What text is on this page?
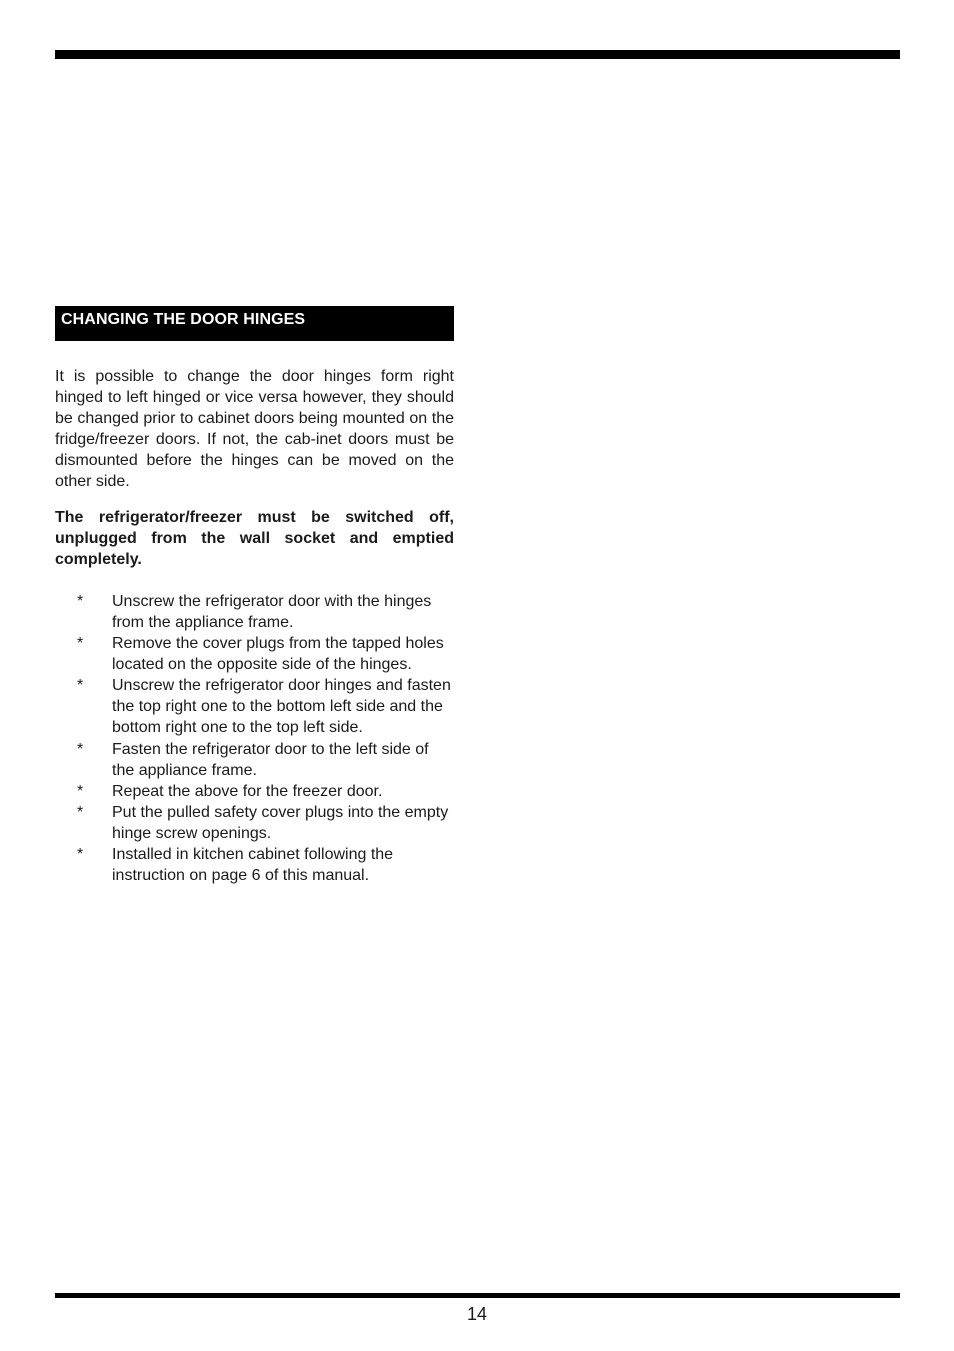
CHANGING THE DOOR HINGES

It is possible to change the door hinges form right hinged to left hinged or vice versa however, they should be changed prior to cabinet doors being mounted on the fridge/freezer doors. If not, the cab-inet doors must be dismounted before the hinges can be moved on the other side.

The refrigerator/freezer must be switched off, unplugged from the wall socket and emptied completely.

* Unscrew the refrigerator door with the hinges from the appliance frame.
* Remove the cover plugs from the tapped holes located on the opposite side of the hinges.
* Unscrew the refrigerator door hinges and fasten the top right one to the bottom left side and the bottom right one to the top left side.
* Fasten the refrigerator door to the left side of the appliance frame.
* Repeat the above for the freezer door.
* Put the pulled safety cover plugs into the empty hinge screw openings.
* Installed in kitchen cabinet following the instruction on page 6 of this manual.
14
